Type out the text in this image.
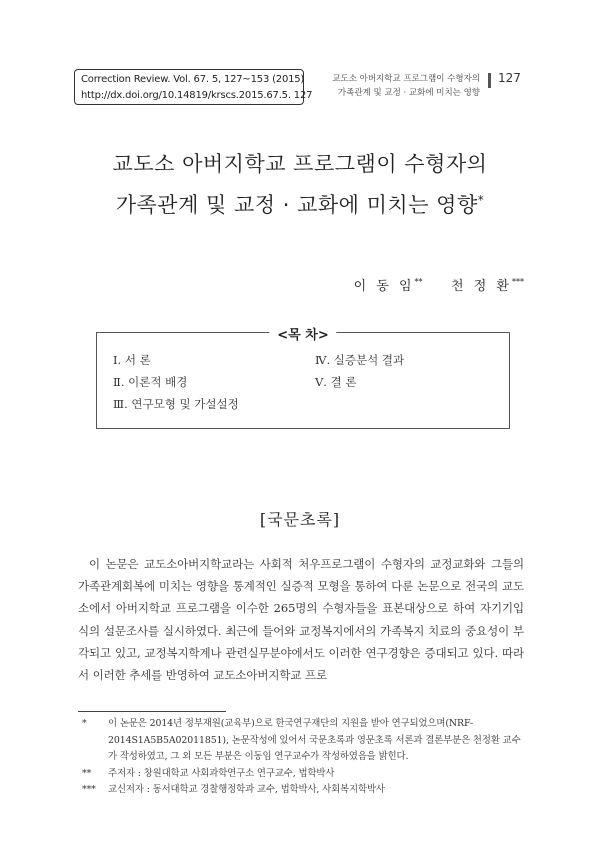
Correction Review. Vol. 67. 5, 127~153 (2015)
http://dx.doi.org/10.14819/krscs.2015.67.5. 127
교도소 아버지학교 프로그램이 수형자의
가족관계 및 교정 · 교화에 미치는 영향
127
교도소 아버지학교 프로그램이 수형자의
가족관계 및 교정 · 교화에 미치는 영향*
이 동 임** 천 정 환***
<목 차>
Ⅰ. 서 론
Ⅱ. 이론적 배경
Ⅲ. 연구모형 및 가설설정
Ⅳ. 실증분석 결과
Ⅴ. 결 론
[국문초록]
이 논문은 교도소아버지학교라는 사회적 처우프로그램이 수형자의 교정교화와 그들의 가족관계회복에 미치는 영향을 통계적인 실증적 모형을 통하여 다룬 논문으로 전국의 교도소에서 아버지학교 프로그램을 이수한 265명의 수형자들을 표본대상으로 하여 자기기입식의 설문조사를 실시하였다. 최근에 들어와 교정복지에서의 가족복지 치료의 중요성이 부각되고 있고, 교정복지학계나 관련실무분야에서도 이러한 연구경향은 증대되고 있다. 따라서 이러한 추세를 반영하여 교도소아버지학교 프로
* 이 논문은 2014년 정부재원(교육부)으로 한국연구재단의 지원을 받아 연구되었으며(NRF-2014S1A5B5A02011851), 논문작성에 있어서 국문초록과 영문초록 서론과 결론부분은 천정환 교수가 작성하였고, 그 외 모든 부분은 이동임 연구교수가 작성하였음을 밝힌다.
** 주저자 : 창원대학교 사회과학연구소 연구교수, 법학박사
*** 교신저자 : 동서대학교 경찰행정학과 교수, 법학박사, 사회복지학박사
